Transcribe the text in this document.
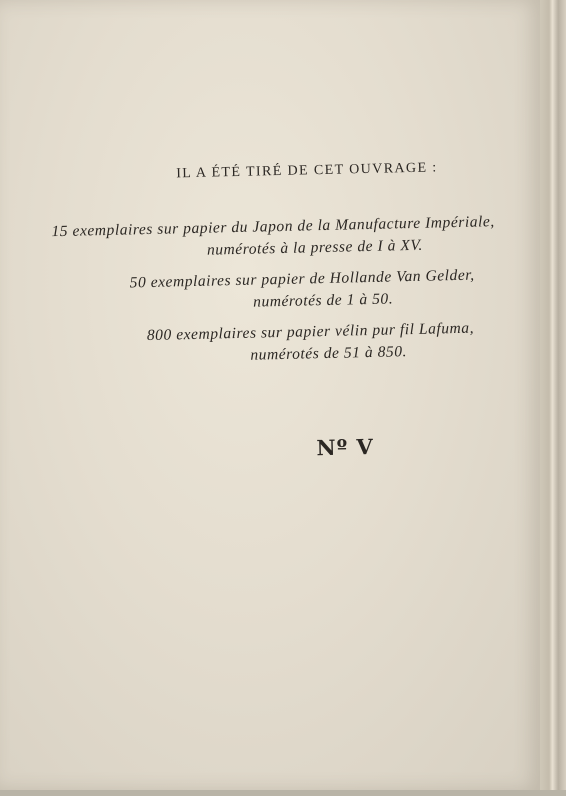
IL A ÉTÉ TIRÉ DE CET OUVRAGE :
15 exemplaires sur papier du Japon de la Manufacture Impériale,
numérotés à la presse de I à XV.
50 exemplaires sur papier de Hollande Van Gelder,
numérotés de 1 à 50.
800 exemplaires sur papier vélin pur fil Lafuma,
numérotés de 51 à 850.
Nº V
